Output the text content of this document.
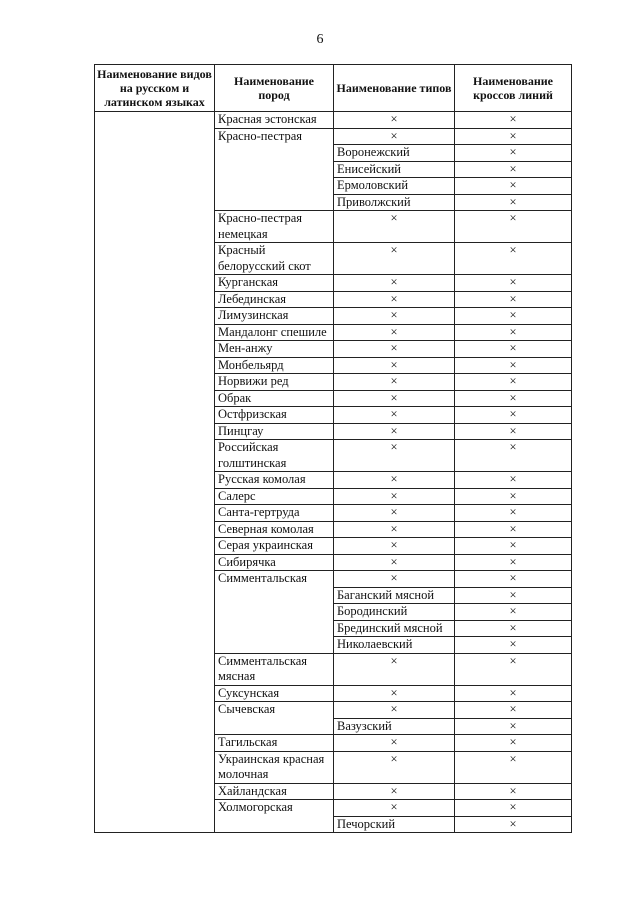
6
Наименование видов на русском и латинском языках	Наименование пород	Наименование типов	Наименование кроссов линий
	Красная эстонская	×	×
	Красно-пестрая	×	×
		Воронежский	×
		Енисейский	×
		Ермоловский	×
		Приволжский	×
	Красно-пестрая немецкая	×	×
	Красный белорусский скот	×	×
	Курганская	×	×
	Лебединская	×	×
	Лимузинская	×	×
	Мандалонг спешиле	×	×
	Мен-анжу	×	×
	Монбельярд	×	×
	Норвижи ред	×	×
	Обрак	×	×
	Остфризская	×	×
	Пинцгау	×	×
	Российская голштинская	×	×
	Русская комолая	×	×
	Салерс	×	×
	Санта-гертруда	×	×
	Северная комолая	×	×
	Серая украинская	×	×
	Сибирячка	×	×
	Симментальская	×	×
		Баганский мясной	×
		Бородинский	×
		Брединский мясной	×
		Николаевский	×
	Симментальская мясная	×	×
	Суксунская	×	×
	Сычевская	×	×
		Вазузский	×
	Тагильская	×	×
	Украинская красная молочная	×	×
	Хайландская	×	×
	Холмогорская	×	×
		Печорский	×
